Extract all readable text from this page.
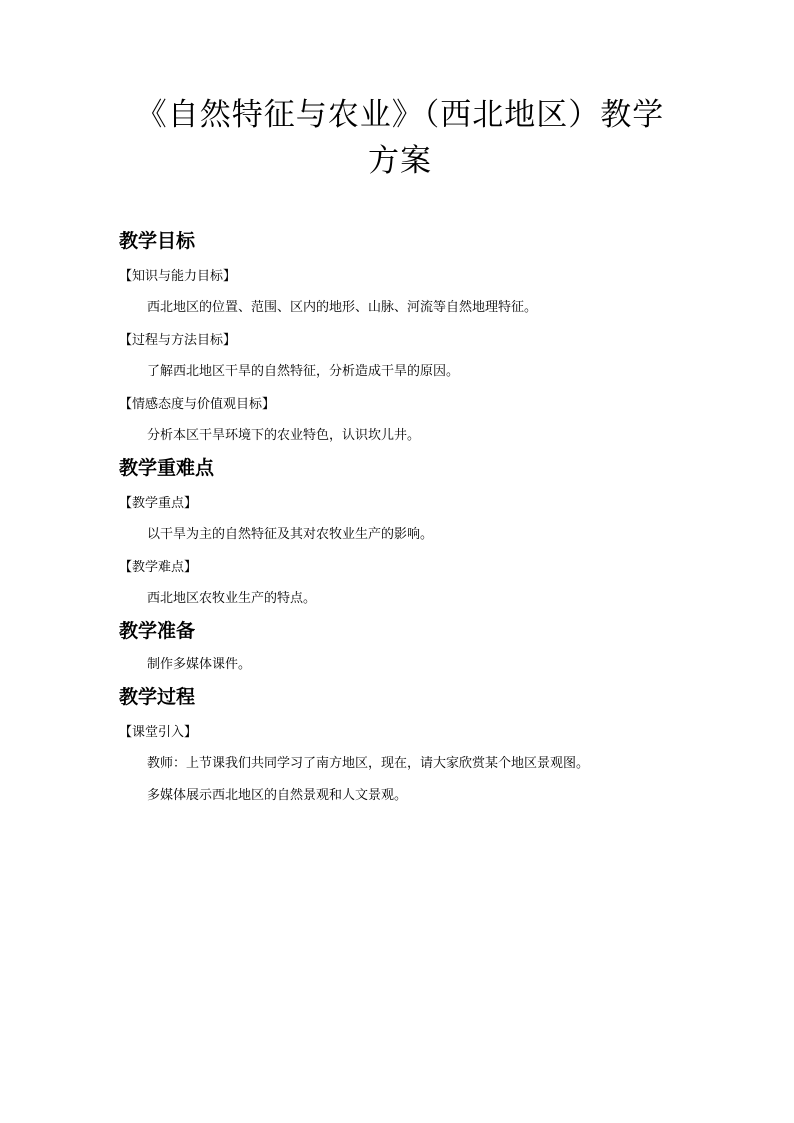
《自然特征与农业》（西北地区）教学
方案
教学目标
【知识与能力目标】
西北地区的位置、范围、区内的地形、山脉、河流等自然地理特征。
【过程与方法目标】
了解西北地区干旱的自然特征，分析造成干旱的原因。
【情感态度与价值观目标】
分析本区干旱环境下的农业特色，认识坎儿井。
教学重难点
【教学重点】
以干旱为主的自然特征及其对农牧业生产的影响。
【教学难点】
西北地区农牧业生产的特点。
教学准备
制作多媒体课件。
教学过程
【课堂引入】
教师：上节课我们共同学习了南方地区，现在，请大家欣赏某个地区景观图。
多媒体展示西北地区的自然景观和人文景观。
